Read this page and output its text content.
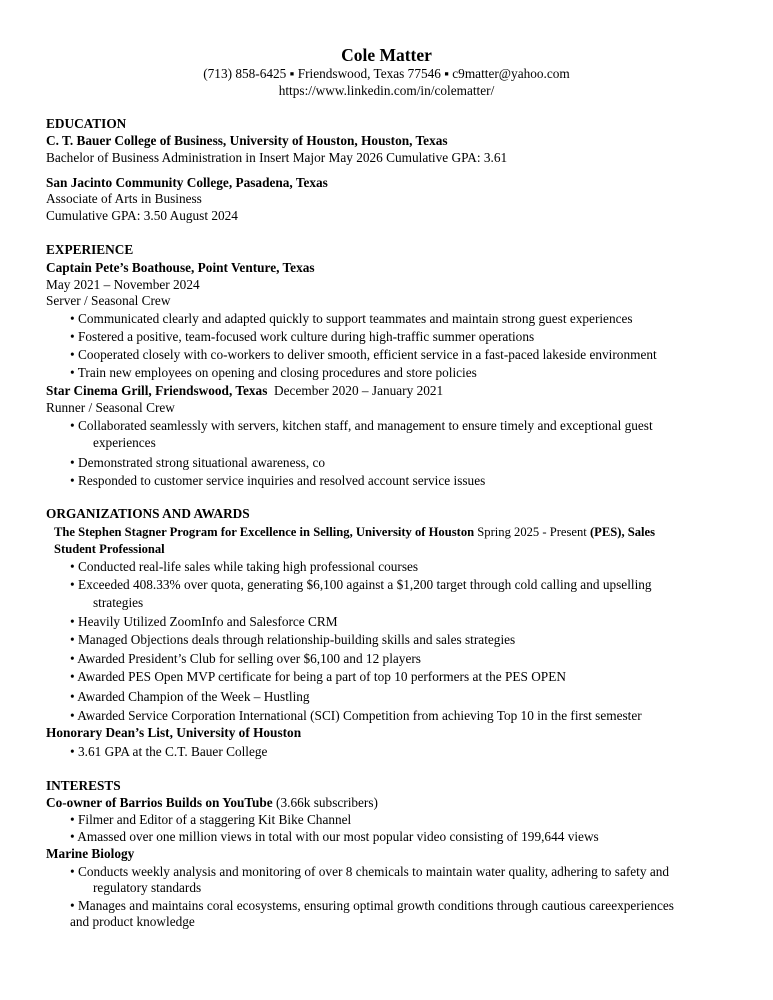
Cole Matter
(713) 858-6425 ▪ Friendswood, Texas 77546 ▪ c9matter@yahoo.com
https://www.linkedin.com/in/colematter/
EDUCATION
C. T. Bauer College of Business, University of Houston, Houston, Texas
Bachelor of Business Administration in Insert Major May 2026 Cumulative GPA: 3.61
San Jacinto Community College, Pasadena, Texas
Associate of Arts in Business
Cumulative GPA: 3.50 August 2024
EXPERIENCE
Captain Pete’s Boathouse, Point Venture, Texas
May 2021 – November 2024
Server / Seasonal Crew
• Communicated clearly and adapted quickly to support teammates and maintain strong guest experiences
• Fostered a positive, team-focused work culture during high-traffic summer operations
• Cooperated closely with co-workers to deliver smooth, efficient service in a fast-paced lakeside environment
• Train new employees on opening and closing procedures and store policies
Star Cinema Grill, Friendswood, Texas December 2020 – January 2021
Runner / Seasonal Crew
• Collaborated seamlessly with servers, kitchen staff, and management to ensure timely and exceptional guest
experiences
• Demonstrated strong situational awareness, co
• Responded to customer service inquiries and resolved account service issues
ORGANIZATIONS AND AWARDS
The Stephen Stagner Program for Excellence in Selling, University of Houston Spring 2025 - Present (PES), Sales
Student Professional
• Conducted real-life sales while taking high professional courses
• Exceeded 408.33% over quota, generating $6,100 against a $1,200 target through cold calling and upselling
strategies
• Heavily Utilized ZoomInfo and Salesforce CRM
• Managed Objections deals through relationship-building skills and sales strategies
• Awarded President’s Club for selling over $6,100 and 12 players
• Awarded PES Open MVP certificate for being a part of top 10 performers at the PES OPEN
• Awarded Champion of the Week – Hustling
• Awarded Service Corporation International (SCI) Competition from achieving Top 10 in the first semester
Honorary Dean’s List, University of Houston
• 3.61 GPA at the C.T. Bauer College
INTERESTS
Co-owner of Barrios Builds on YouTube (3.66k subscribers)
• Filmer and Editor of a staggering Kit Bike Channel
• Amassed over one million views in total with our most popular video consisting of 199,644 views
Marine Biology
• Conducts weekly analysis and monitoring of over 8 chemicals to maintain water quality, adhering to safety and
regulatory standards
• Manages and maintains coral ecosystems, ensuring optimal growth conditions through cautious careexperiences
and product knowledge
